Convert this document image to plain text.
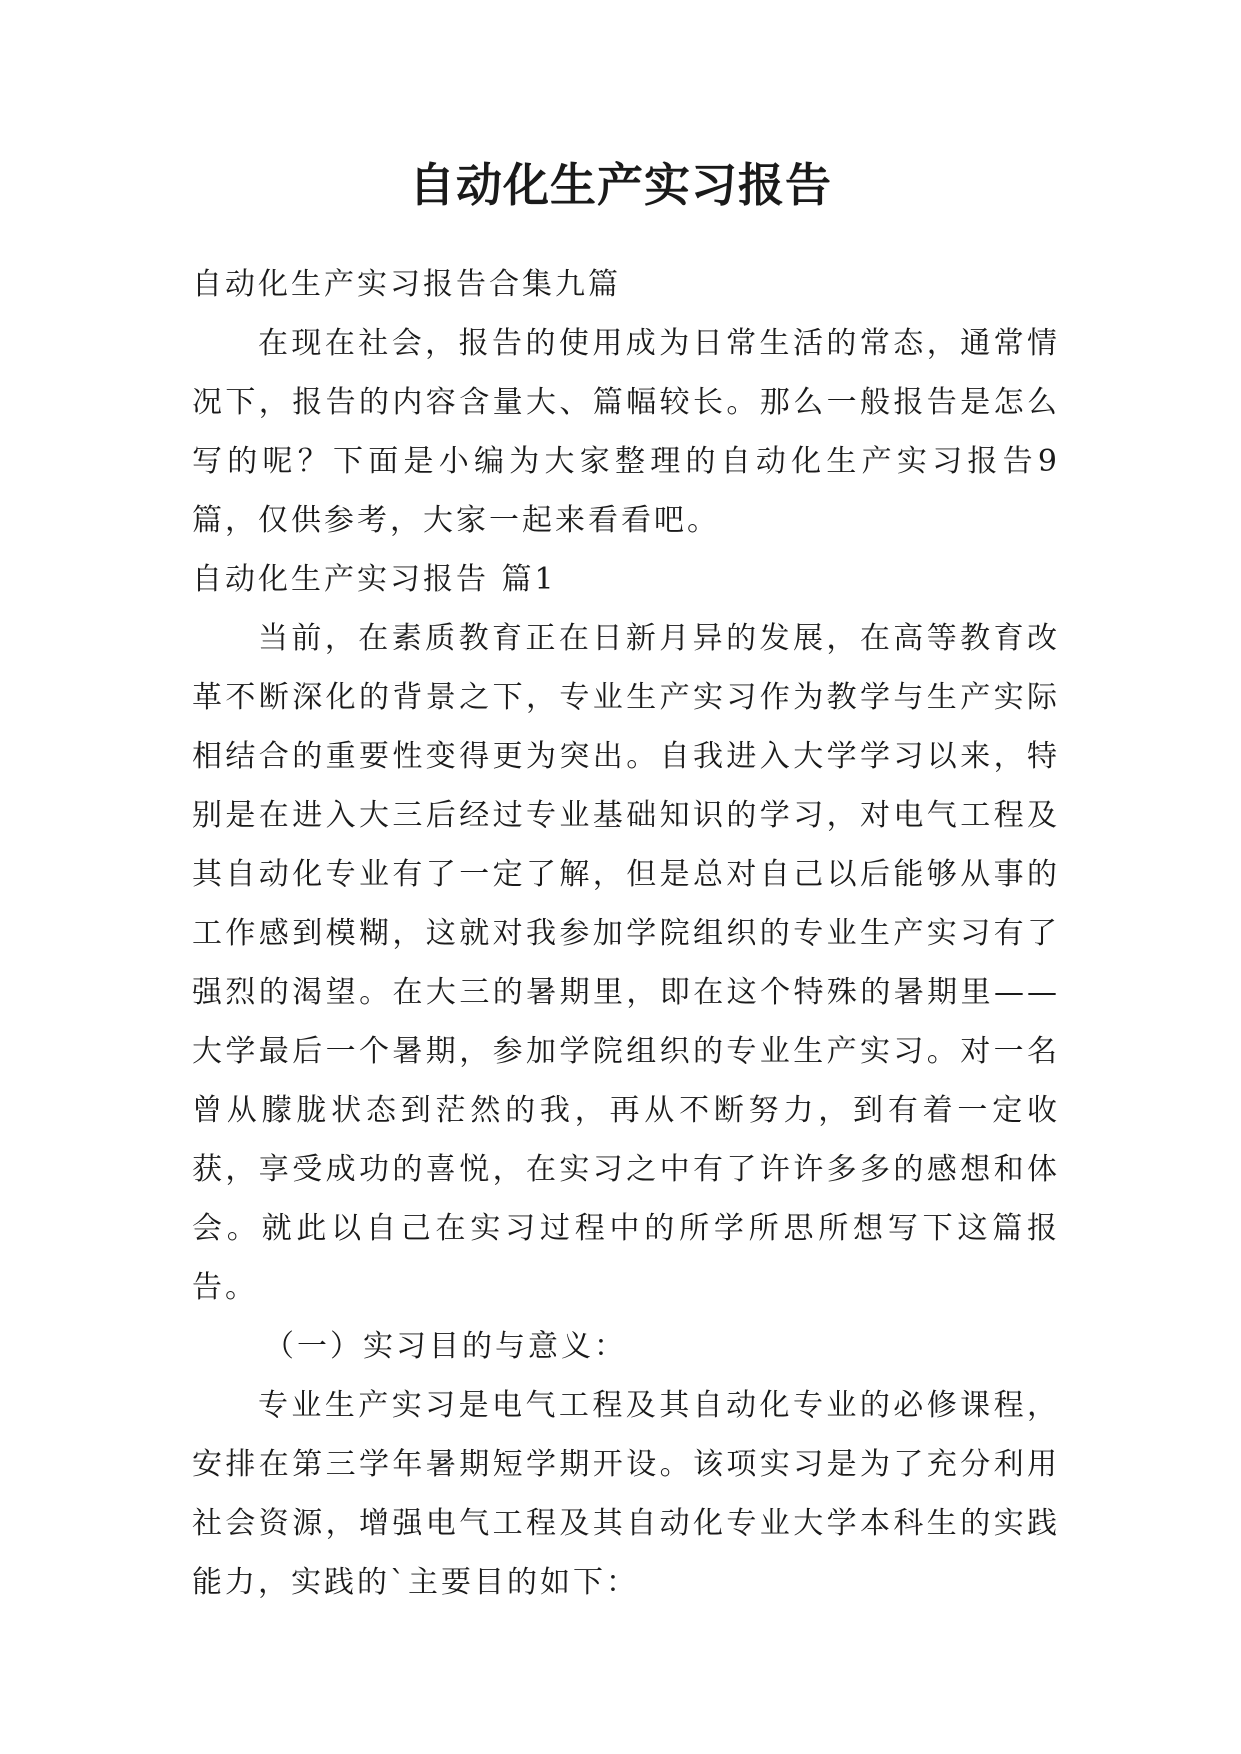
自动化生产实习报告

自动化生产实习报告合集九篇

在现在社会，报告的使用成为日常生活的常态，通常情况下，报告的内容含量大、篇幅较长。那么一般报告是怎么写的呢？下面是小编为大家整理的自动化生产实习报告9篇，仅供参考，大家一起来看看吧。

自动化生产实习报告 篇1

当前，在素质教育正在日新月异的发展，在高等教育改革不断深化的背景之下，专业生产实习作为教学与生产实际相结合的重要性变得更为突出。自我进入大学学习以来，特别是在进入大三后经过专业基础知识的学习，对电气工程及其自动化专业有了一定了解，但是总对自己以后能够从事的工作感到模糊，这就对我参加学院组织的专业生产实习有了强烈的渴望。在大三的暑期里，即在这个特殊的暑期里——大学最后一个暑期，参加学院组织的专业生产实习。对一名曾从朦胧状态到茫然的我，再从不断努力，到有着一定收获，享受成功的喜悦，在实习之中有了许许多多的感想和体会。就此以自己在实习过程中的所学所思所想写下这篇报告。

（一）实习目的与意义：

专业生产实习是电气工程及其自动化专业的必修课程，安排在第三学年暑期短学期开设。该项实习是为了充分利用社会资源，增强电气工程及其自动化专业大学本科生的实践能力，实践的`主要目的如下：
